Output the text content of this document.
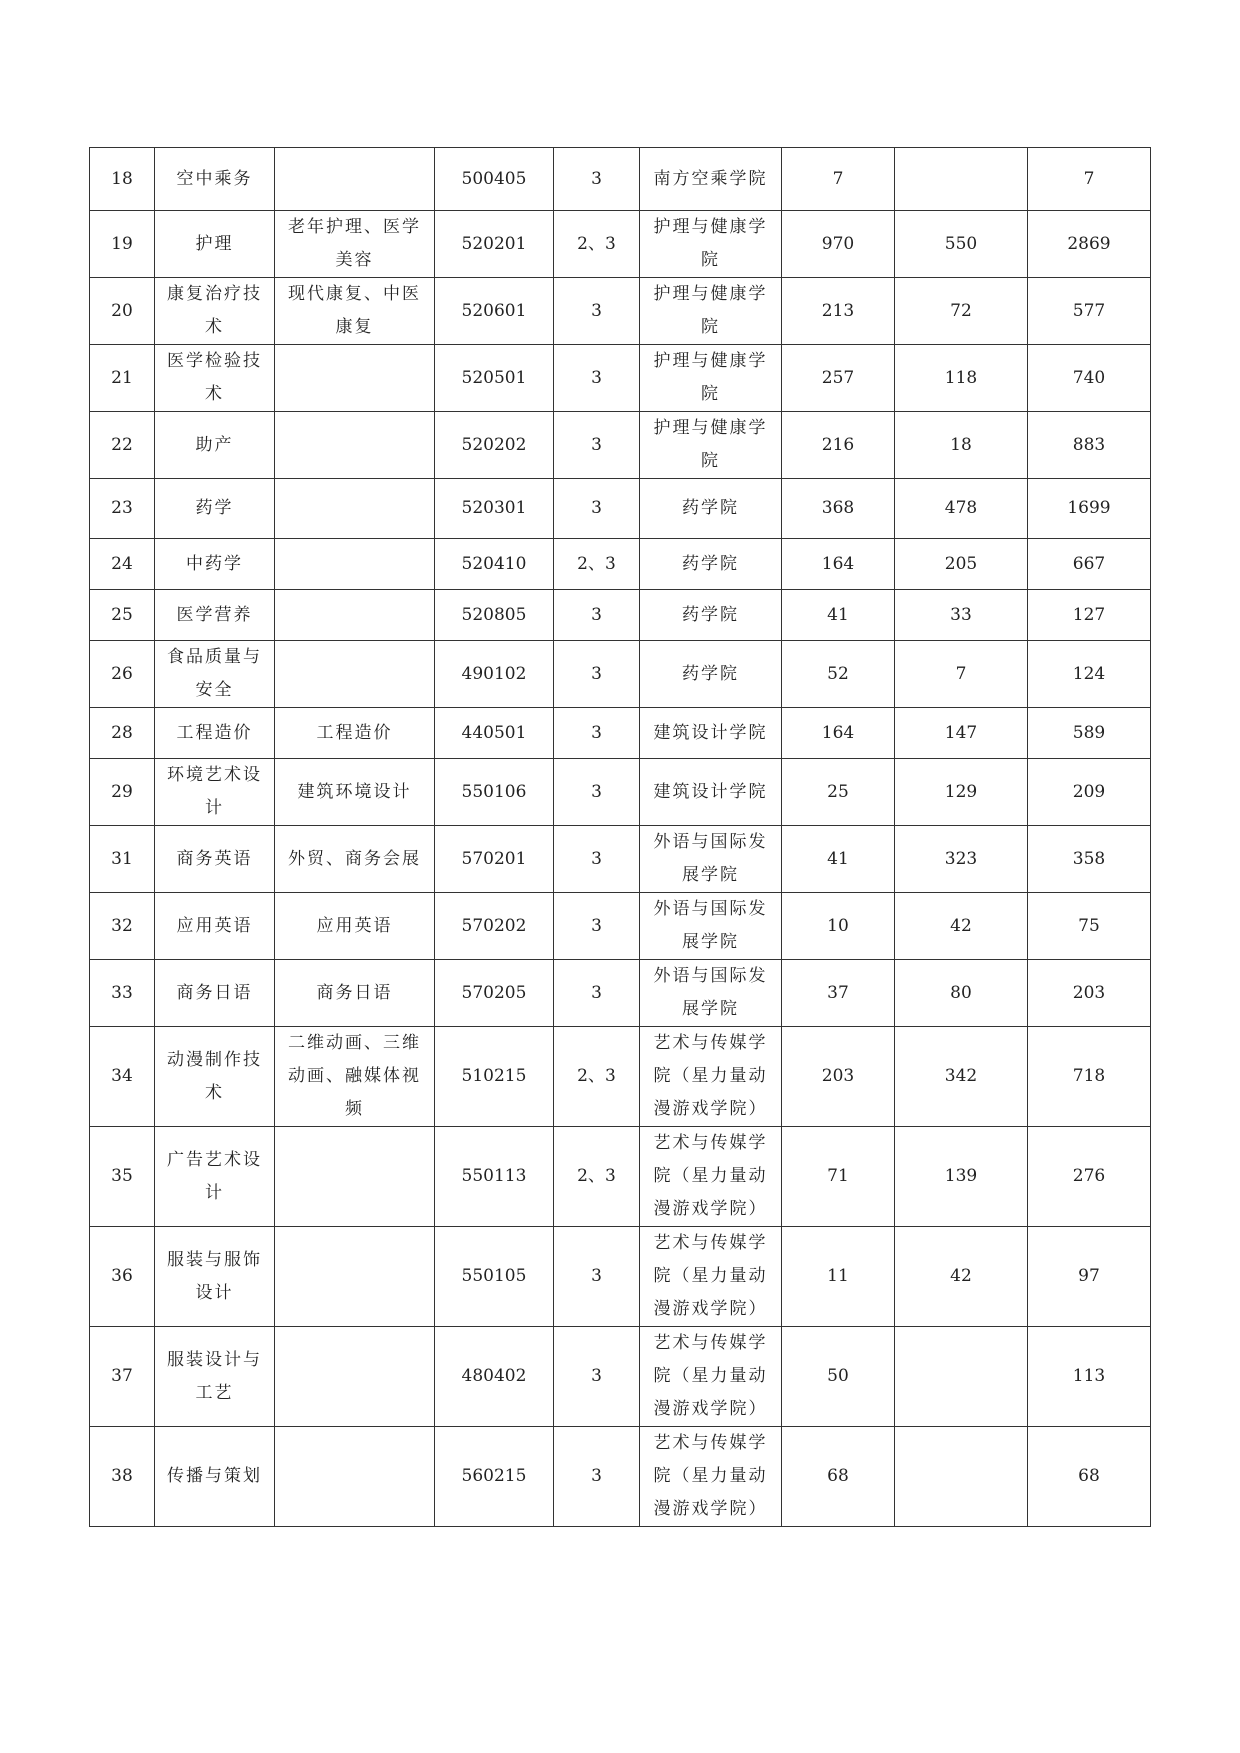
18	空中乘务		500405	3	南方空乘学院	7		7
19	护理	老年护理、医学美容	520201	2、3	护理与健康学院	970	550	2869
20	康复治疗技术	现代康复、中医康复	520601	3	护理与健康学院	213	72	577
21	医学检验技术		520501	3	护理与健康学院	257	118	740
22	助产		520202	3	护理与健康学院	216	18	883
23	药学		520301	3	药学院	368	478	1699
24	中药学		520410	2、3	药学院	164	205	667
25	医学营养		520805	3	药学院	41	33	127
26	食品质量与安全		490102	3	药学院	52	7	124
28	工程造价	工程造价	440501	3	建筑设计学院	164	147	589
29	环境艺术设计	建筑环境设计	550106	3	建筑设计学院	25	129	209
31	商务英语	外贸、商务会展	570201	3	外语与国际发展学院	41	323	358
32	应用英语	应用英语	570202	3	外语与国际发展学院	10	42	75
33	商务日语	商务日语	570205	3	外语与国际发展学院	37	80	203
34	动漫制作技术	二维动画、三维动画、融媒体视频	510215	2、3	艺术与传媒学院（星力量动漫游戏学院）	203	342	718
35	广告艺术设计		550113	2、3	艺术与传媒学院（星力量动漫游戏学院）	71	139	276
36	服装与服饰设计		550105	3	艺术与传媒学院（星力量动漫游戏学院）	11	42	97
37	服装设计与工艺		480402	3	艺术与传媒学院（星力量动漫游戏学院）	50		113
38	传播与策划		560215	3	艺术与传媒学院（星力量动漫游戏学院）	68		68
